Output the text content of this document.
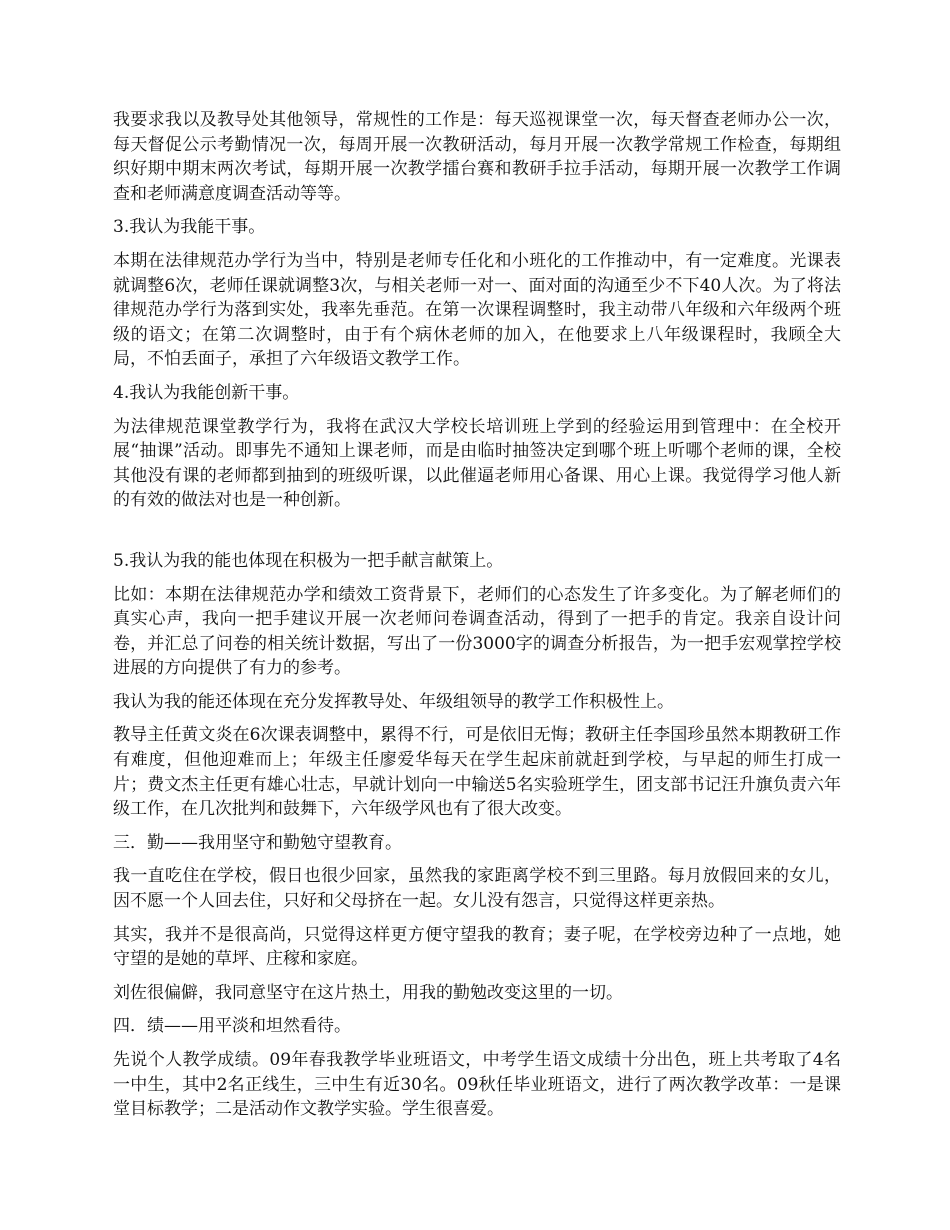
我要求我以及教导处其他领导，常规性的工作是：每天巡视课堂一次，每天督查老师办公一次，每天督促公示考勤情况一次，每周开展一次教研活动，每月开展一次教学常规工作检查，每期组织好期中期末两次考试，每期开展一次教学擂台赛和教研手拉手活动，每期开展一次教学工作调查和老师满意度调查活动等等。

3.我认为我能干事。

本期在法律规范办学行为当中，特别是老师专任化和小班化的工作推动中，有一定难度。光课表就调整6次，老师任课就调整3次，与相关老师一对一、面对面的沟通至少不下40人次。为了将法律规范办学行为落到实处，我率先垂范。在第一次课程调整时，我主动带八年级和六年级两个班级的语文；在第二次调整时，由于有个病休老师的加入，在他要求上八年级课程时，我顾全大局，不怕丢面子，承担了六年级语文教学工作。

4.我认为我能创新干事。

为法律规范课堂教学行为，我将在武汉大学校长培训班上学到的经验运用到管理中：在全校开展“抽课”活动。即事先不通知上课老师，而是由临时抽签决定到哪个班上听哪个老师的课，全校其他没有课的老师都到抽到的班级听课，以此催逼老师用心备课、用心上课。我觉得学习他人新的有效的做法对也是一种创新。

5.我认为我的能也体现在积极为一把手献言献策上。

比如：本期在法律规范办学和绩效工资背景下，老师们的心态发生了许多变化。为了解老师们的真实心声，我向一把手建议开展一次老师问卷调查活动，得到了一把手的肯定。我亲自设计问卷，并汇总了问卷的相关统计数据，写出了一份3000字的调查分析报告，为一把手宏观掌控学校进展的方向提供了有力的参考。

我认为我的能还体现在充分发挥教导处、年级组领导的教学工作积极性上。

教导主任黄文炎在6次课表调整中，累得不行，可是依旧无悔；教研主任李国珍虽然本期教研工作有难度，但他迎难而上；年级主任廖爱华每天在学生起床前就赶到学校，与早起的师生打成一片；费文杰主任更有雄心壮志，早就计划向一中输送5名实验班学生，团支部书记汪升旗负责六年级工作，在几次批判和鼓舞下，六年级学风也有了很大改变。

三．勤——我用坚守和勤勉守望教育。

我一直吃住在学校，假日也很少回家，虽然我的家距离学校不到三里路。每月放假回来的女儿，因不愿一个人回去住，只好和父母挤在一起。女儿没有怨言，只觉得这样更亲热。

其实，我并不是很高尚，只觉得这样更方便守望我的教育；妻子呢，在学校旁边种了一点地，她守望的是她的草坪、庄稼和家庭。

刘佐很偏僻，我同意坚守在这片热土，用我的勤勉改变这里的一切。

四．绩——用平淡和坦然看待。

先说个人教学成绩。09年春我教学毕业班语文，中考学生语文成绩十分出色，班上共考取了4名一中生，其中2名正线生，三中生有近30名。09秋任毕业班语文，进行了两次教学改革：一是课堂目标教学；二是活动作文教学实验。学生很喜爱。
